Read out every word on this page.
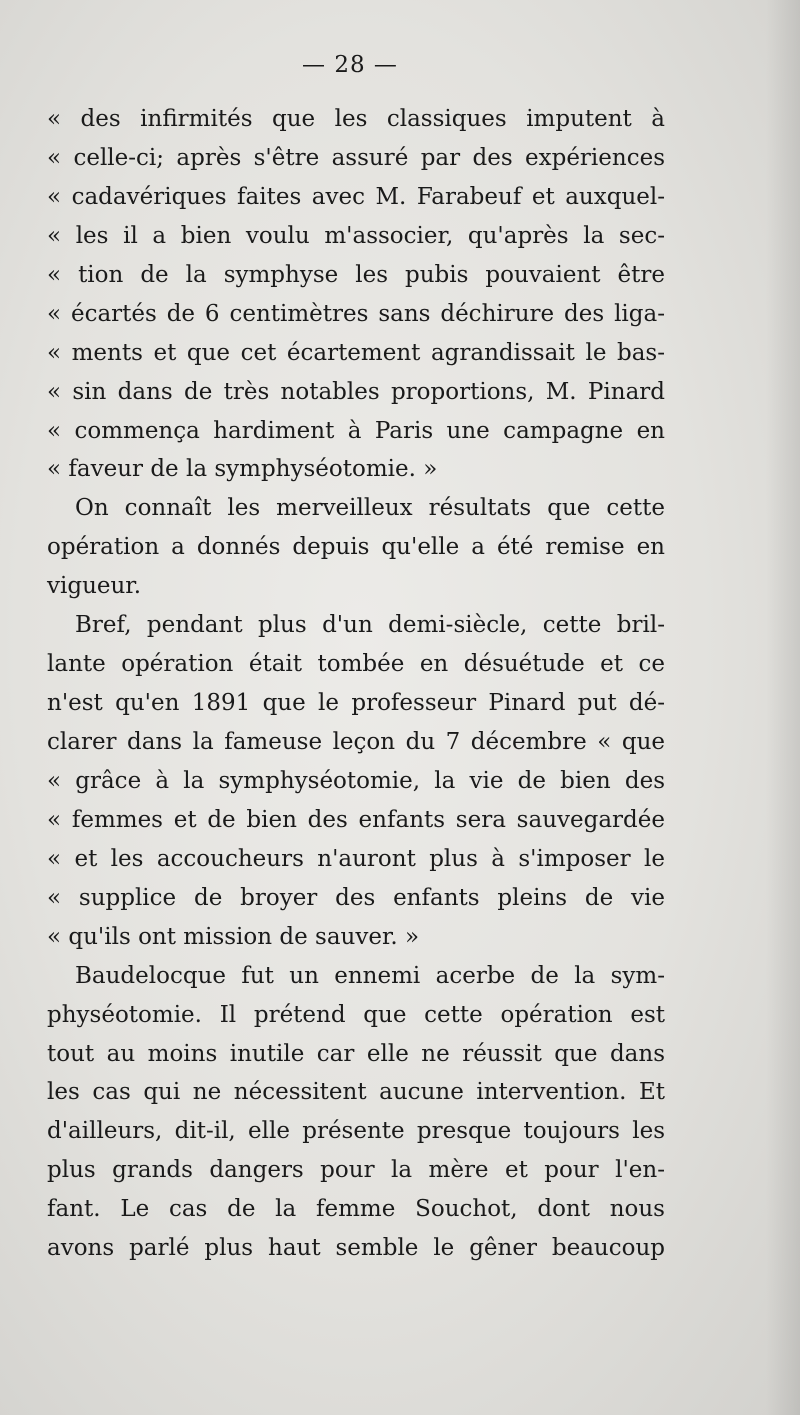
— 28 —
« des infirmités que les classiques imputent à
« celle-ci; après s'être assuré par des expériences
« cadavériques faites avec M. Farabeuf et auxquel-
« les il a bien voulu m'associer, qu'après la sec-
« tion de la symphyse les pubis pouvaient être
« écartés de 6 centimètres sans déchirure des liga-
« ments et que cet écartement agrandissait le bas-
« sin dans de très notables proportions, M. Pinard
« commença hardiment à Paris une campagne en
« faveur de la symphyséotomie. »
On connaît les merveilleux résultats que cette
opération a donnés depuis qu'elle a été remise en
vigueur.
Bref, pendant plus d'un demi-siècle, cette bril-
lante opération était tombée en désuétude et ce
n'est qu'en 1891 que le professeur Pinard put dé-
clarer dans la fameuse leçon du 7 décembre « que
« grâce à la symphyséotomie, la vie de bien des
« femmes et de bien des enfants sera sauvegardée
« et les accoucheurs n'auront plus à s'imposer le
« supplice de broyer des enfants pleins de vie
« qu'ils ont mission de sauver. »
Baudelocque fut un ennemi acerbe de la sym-
physéotomie. Il prétend que cette opération est
tout au moins inutile car elle ne réussit que dans
les cas qui ne nécessitent aucune intervention. Et
d'ailleurs, dit-il, elle présente presque toujours les
plus grands dangers pour la mère et pour l'en-
fant. Le cas de la femme Souchot, dont nous
avons parlé plus haut semble le gêner beaucoup
